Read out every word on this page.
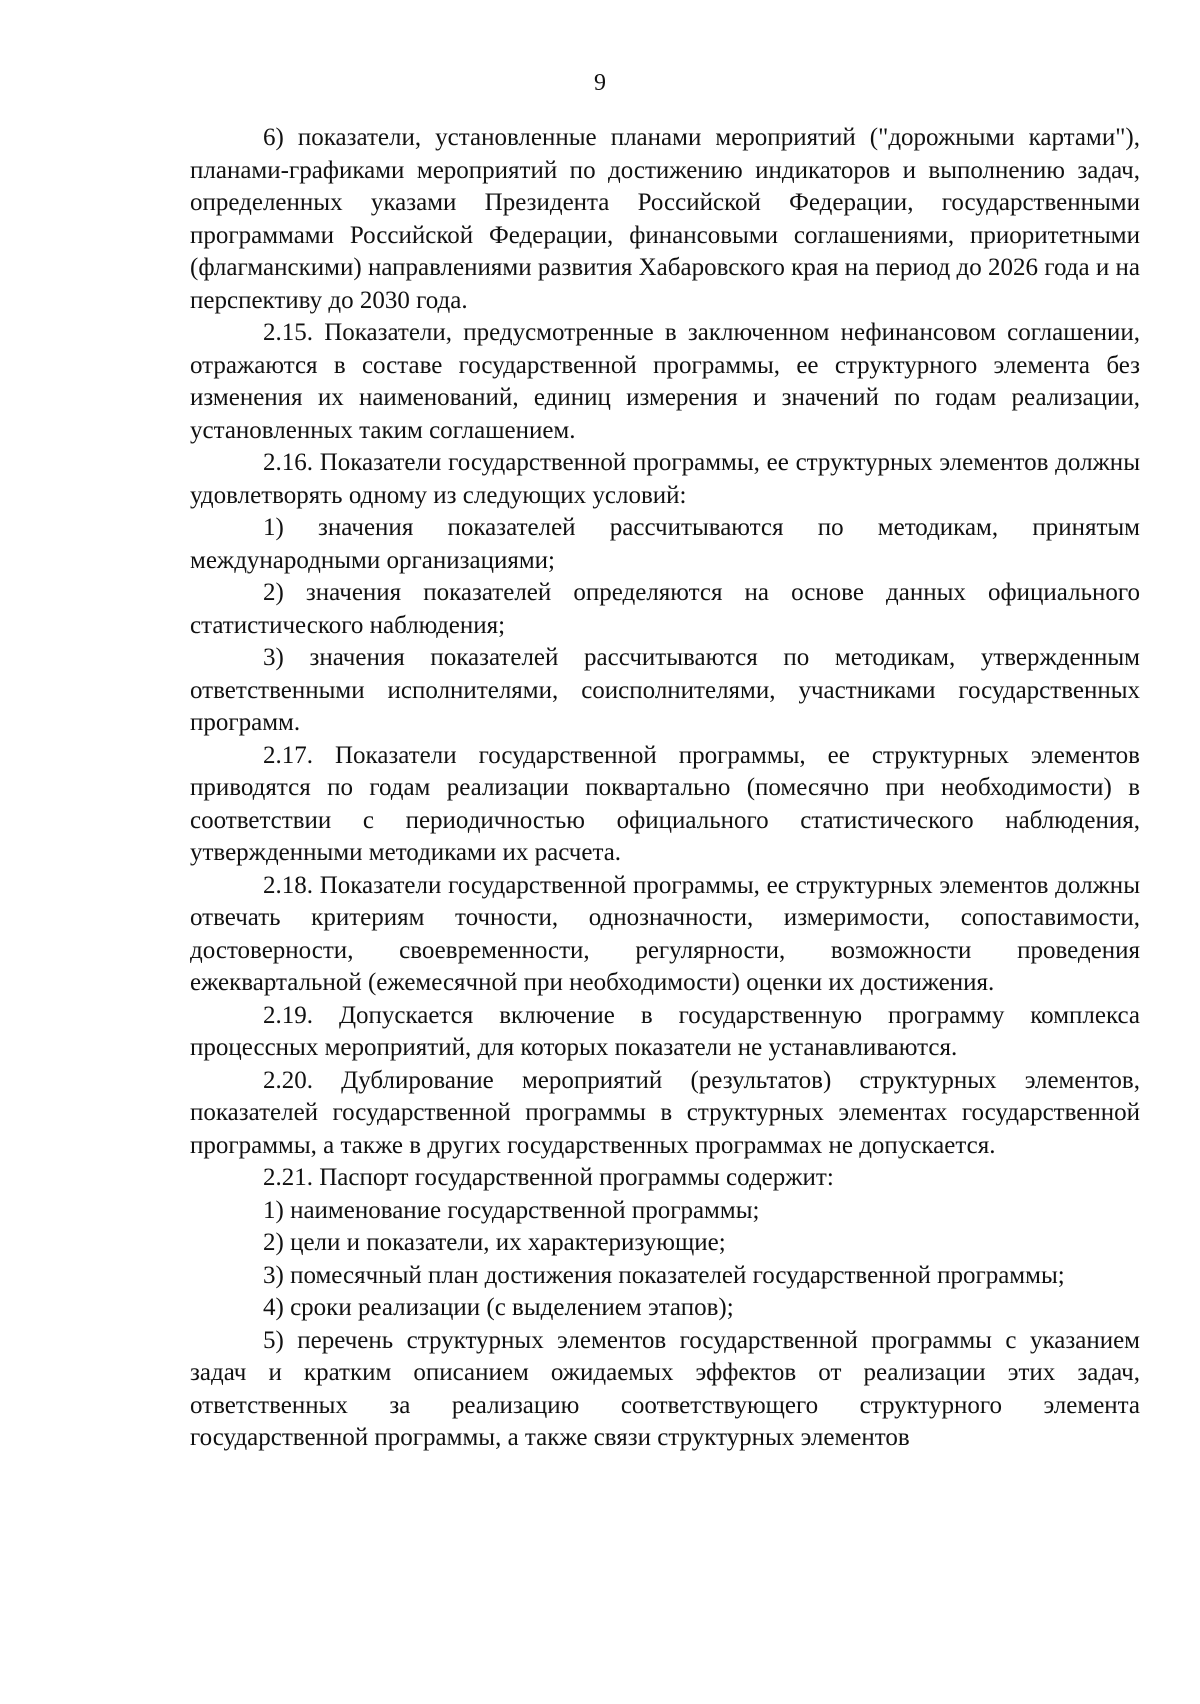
9

6) показатели, установленные планами мероприятий ("дорожными картами"), планами-графиками мероприятий по достижению индикаторов и выполнению задач, определенных указами Президента Российской Федерации, государственными программами Российской Федерации, финансовыми соглашениями, приоритетными (флагманскими) направлениями развития Хабаровского края на период до 2026 года и на перспективу до 2030 года.

2.15. Показатели, предусмотренные в заключенном нефинансовом соглашении, отражаются в составе государственной программы, ее структурного элемента без изменения их наименований, единиц измерения и значений по годам реализации, установленных таким соглашением.

2.16. Показатели государственной программы, ее структурных элементов должны удовлетворять одному из следующих условий:

1) значения показателей рассчитываются по методикам, принятым международными организациями;

2) значения показателей определяются на основе данных официального статистического наблюдения;

3) значения показателей рассчитываются по методикам, утвержденным ответственными исполнителями, соисполнителями, участниками государственных программ.

2.17. Показатели государственной программы, ее структурных элементов приводятся по годам реализации поквартально (помесячно при необходимости) в соответствии с периодичностью официального статистического наблюдения, утвержденными методиками их расчета.

2.18. Показатели государственной программы, ее структурных элементов должны отвечать критериям точности, однозначности, измеримости, сопоставимости, достоверности, своевременности, регулярности, возможности проведения ежеквартальной (ежемесячной при необходимости) оценки их достижения.

2.19. Допускается включение в государственную программу комплекса процессных мероприятий, для которых показатели не устанавливаются.

2.20. Дублирование мероприятий (результатов) структурных элементов, показателей государственной программы в структурных элементах государственной программы, а также в других государственных программах не допускается.

2.21. Паспорт государственной программы содержит:

1) наименование государственной программы;

2) цели и показатели, их характеризующие;

3) помесячный план достижения показателей государственной программы;

4) сроки реализации (с выделением этапов);

5) перечень структурных элементов государственной программы с указанием задач и кратким описанием ожидаемых эффектов от реализации этих задач, ответственных за реализацию соответствующего структурного элемента государственной программы, а также связи структурных элементов
